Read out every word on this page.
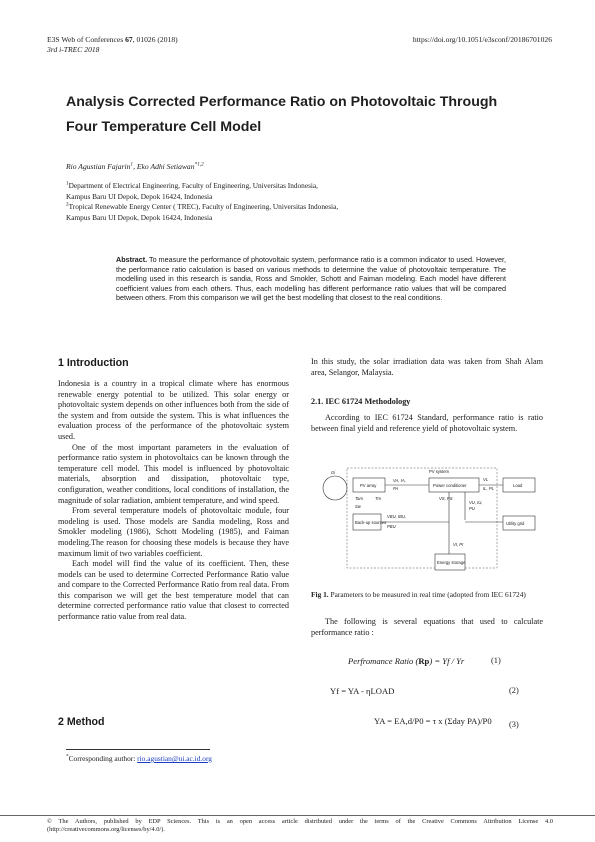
E3S Web of Conferences 67, 01026 (2018)
3rd i-TREC 2018
https://doi.org/10.1051/e3sconf/20186701026
Analysis Corrected Performance Ratio on Photovoltaic Through
Four Temperature Cell Model
Rio Agustian Fajarin$^1$, Eko Adhi Setiawan$^{*1,2}$
$^1$Department of Electrical Engineering, Faculty of Engineering, Universitas Indonesia,
Kampus Baru UI Depok, Depok 16424, Indonesia
$^2$Tropical Renewable Energy Center ( TREC), Faculty of Engineering, Universitas Indonesia,
Kampus Baru UI Depok, Depok 16424, Indonesia
Abstract. To measure the performance of photovoltaic system, performance ratio is a common indicator to used. However, the performance ratio calculation is based on various methods to determine the value of photovoltaic temperature. The modelling used in this research is sandia, Ross and Smokler, Schott and Faiman modeling. Each model have different coefficient values from each others. Thus, each modelling has different performance ratio values that will be compared between others. From this comparison we will get the best modelling that closest to the real conditions.
1 Introduction

Indonesia is a country in a tropical climate where has enormous renewable energy potential to be utilized. This solar energy or photovoltaic system depends on other influences both from the side of the system and from outside the system. This is what influences the evaluation process of the performance of the photovoltaic system used.

One of the most important parameters in the evaluation of performance ratio system in photovoltaics can be known through the temperature cell model. This model is influenced by photovoltaic materials, absorption and dissipation, photovoltaic type, configuration, weather conditions, local conditions of installation, the magnitude of solar radiation, ambient temperature, and wind speed.

From several temperature models of photovoltaic module, four modeling is used. Those models are Sandia modeling, Ross and Smokler modeling (1986), Schott Modeling (1985), and Faiman modeling.The reason for choosing these models is because they have maximum limit of two variables coefficient.

Each model will find the value of its coefficient. Then, these models can be used to determine Corrected Performance Ratio value and compare to the Corrected Performance Ratio from real data. From this comparison we will get the best temperature model that can determine corrected performance ratio value that closest to corrected performance ratio value from real data.

2 Method
In this study, the solar irradiation data was taken from Shah Alam area, Selangor, Malaysia.
2.1. IEC 61724 Methodology

According to IEC 61724 Standard, performance ratio is ratio between final yield and reference yield of photovoltaic system.

PV system
PV array
Gi
Tam	Tm
Sw
Power conditioner
VA, IA,
PA
Load
VL
IL, PL
VS, PS
VU, IU,
PU
Back-up sources
VBU, IBU,
PBU
Utility grid
Energy storage
VI, PI
Fig 1. Parameters to be measured in real time (adopted from IEC 61724)

The following is several equations that used to calculate performance ratio :

Perfromance Ratio (Rp) = Yf / Yr	(1)
Yf = YA - ηLOAD	(2)
YA = EA,d/P0 = τ x (Σday PA)/P0 (3)
*Corresponding author: rio.agustian@ui.ac.id.org
© The Authors, published by EDP Sciences. This is an open access article distributed under the terms of the Creative Commons Attribution License 4.0 (http://creativecommons.org/licenses/by/4.0/).
